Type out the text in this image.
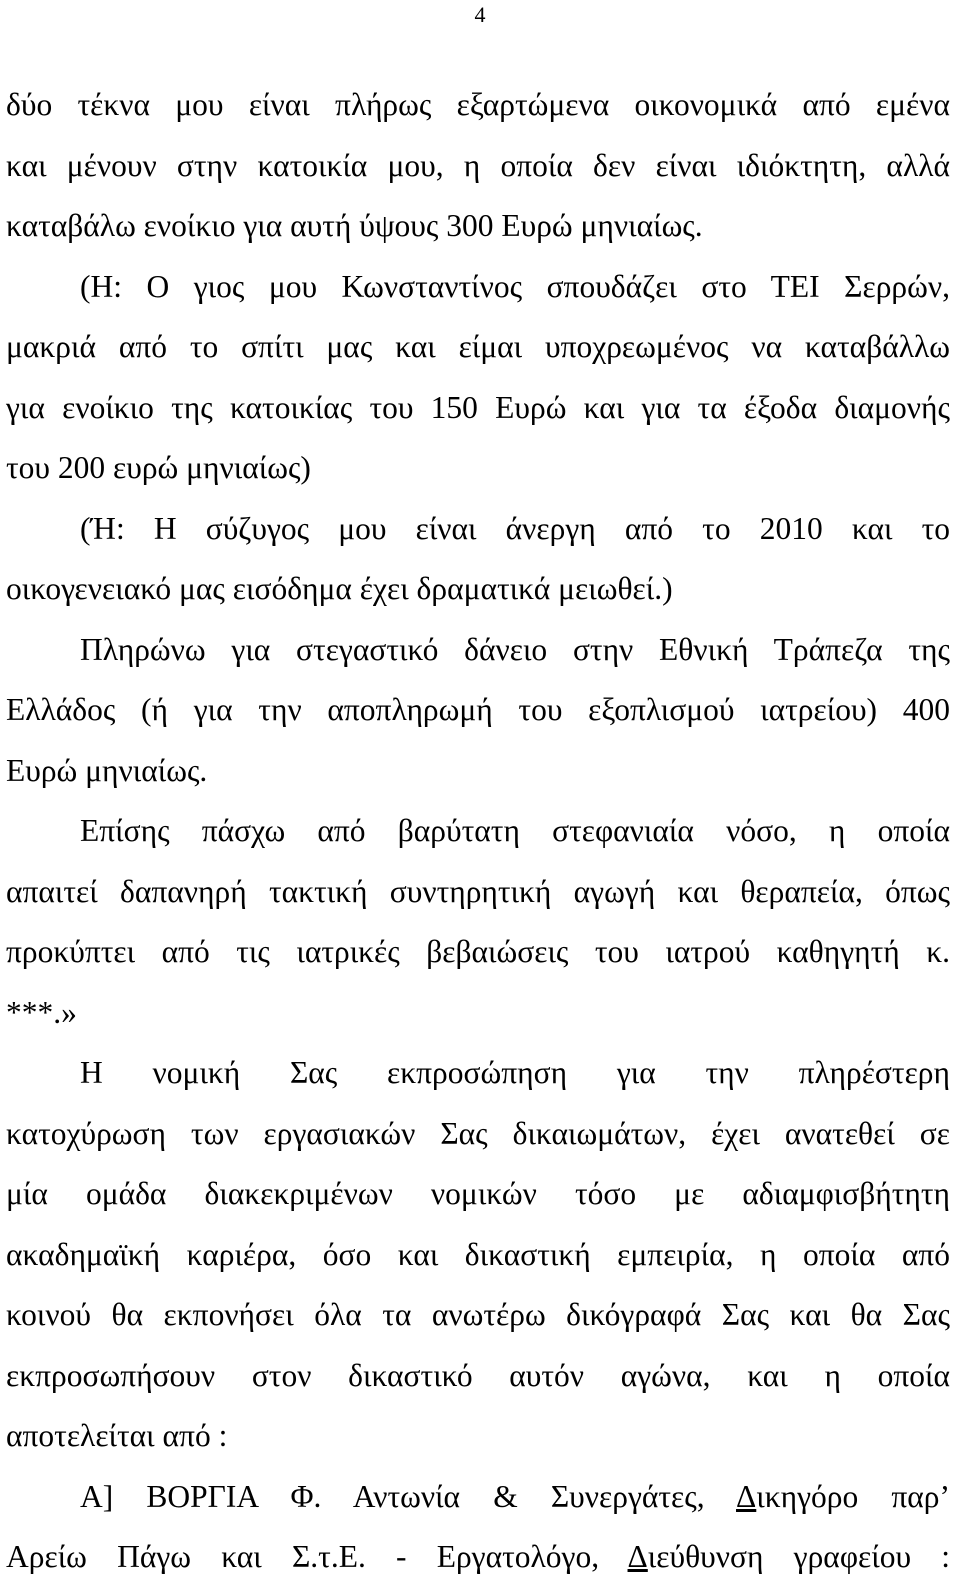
4
δύο τέκνα μου είναι πλήρως εξαρτώμενα οικονομικά από εμένα
και μένουν στην κατοικία μου, η οποία δεν είναι ιδιόκτητη, αλλά
καταβάλω ενοίκιο για αυτή ύψους 300 Ευρώ μηνιαίως.
(Η: Ο γιος μου Κωνσταντίνος σπουδάζει στο ΤΕΙ Σερρών,
μακριά από το σπίτι μας και είμαι υποχρεωμένος να καταβάλλω
για ενοίκιο της κατοικίας του 150 Ευρώ και για τα έξοδα διαμονής
του 200 ευρώ μηνιαίως)
(Ή: Η σύζυγος μου είναι άνεργη από το 2010 και το
οικογενειακό μας εισόδημα έχει δραματικά μειωθεί.)
Πληρώνω για στεγαστικό δάνειο στην Εθνική Τράπεζα της
Ελλάδος (ή για την αποπληρωμή του εξοπλισμού ιατρείου) 400
Ευρώ μηνιαίως.
Επίσης πάσχω από βαρύτατη στεφανιαία νόσο, η οποία
απαιτεί δαπανηρή τακτική συντηρητική αγωγή και θεραπεία, όπως
προκύπτει από τις ιατρικές βεβαιώσεις του ιατρού καθηγητή κ.
***.»
Η νομική Σας εκπροσώπηση για την πληρέστερη
κατοχύρωση των εργασιακών Σας δικαιωμάτων, έχει ανατεθεί σε
μία ομάδα διακεκριμένων νομικών τόσο με αδιαμφισβήτητη
ακαδημαϊκή καριέρα, όσο και δικαστική εμπειρία, η οποία από
κοινού θα εκπονήσει όλα τα ανωτέρω δικόγραφά Σας και θα Σας
εκπροσωπήσουν στον δικαστικό αυτόν αγώνα, και η οποία
αποτελείται από :
Α] ΒΟΡΓΙΑ Φ. Αντωνία & Συνεργάτες, Δικηγόρο παρ’
Αρείω Πάγω και Σ.τ.Ε. - Εργατολόγο, Διεύθυνση γραφείου :
